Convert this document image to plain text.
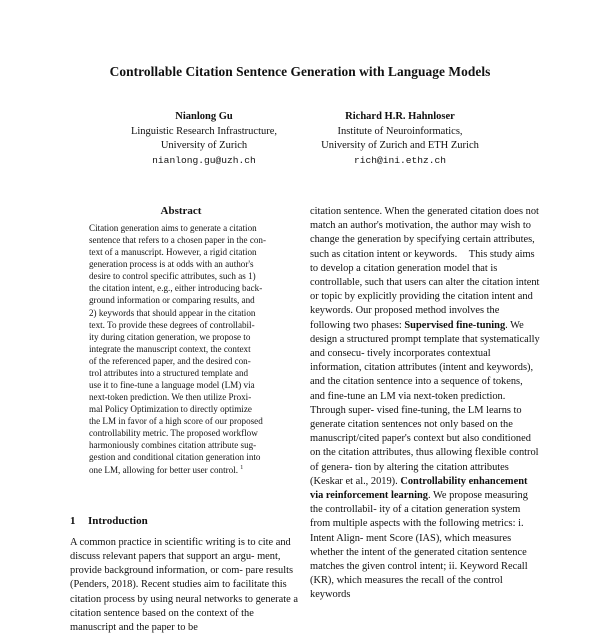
Controllable Citation Sentence Generation with Language Models
Nianlong Gu
Linguistic Research Infrastructure,
University of Zurich
nianlong.gu@uzh.ch
Richard H.R. Hahnloser
Institute of Neuroinformatics,
University of Zurich and ETH Zurich
rich@ini.ethz.ch
Abstract
Citation generation aims to generate a citation
sentence that refers to a chosen paper in the con-
text of a manuscript. However, a rigid citation
generation process is at odds with an author's
desire to control specific attributes, such as 1)
the citation intent, e.g., either introducing back-
ground information or comparing results, and
2) keywords that should appear in the citation
text. To provide these degrees of controllabil-
ity during citation generation, we propose to
integrate the manuscript context, the context
of the referenced paper, and the desired con-
trol attributes into a structured template and
use it to fine-tune a language model (LM) via
next-token prediction. We then utilize Proxi-
mal Policy Optimization to directly optimize
the LM in favor of a high score of our proposed
controllability metric. The proposed workflow
harmoniously combines citation attribute sug-
gestion and conditional citation generation into
one LM, allowing for better user control. $^1$
1 Introduction
A common practice in scientific writing is to cite and discuss relevant papers that support an argu- ment, provide background information, or com- pare results (Penders, 2018). Recent studies aim to facilitate this citation process by using neural networks to generate a citation sentence based on the context of the manuscript and the paper to be
citation sentence. When the generated citation does not match an author's motivation, the author may wish to change the generation by specifying certain attributes, such as citation intent or keywords. This study aims to develop a citation generation model that is controllable, such that users can alter the citation intent or topic by explicitly providing the citation intent and keywords. Our proposed method involves the following two phases: Supervised fine-tuning. We design a structured prompt template that systematically and consecu- tively incorporates contextual information, citation attributes (intent and keywords), and the citation sentence into a sequence of tokens, and fine-tune an LM via next-token prediction. Through super- vised fine-tuning, the LM learns to generate citation sentences not only based on the manuscript/cited paper's context but also conditioned on the citation attributes, thus allowing flexible control of genera- tion by altering the citation attributes (Keskar et al., 2019). Controllability enhancement via reinforcement learning. We propose measuring the controllabil- ity of a citation generation system from multiple aspects with the following metrics: i. Intent Align- ment Score (IAS), which measures whether the intent of the generated citation sentence matches the given control intent; ii. Keyword Recall (KR), which measures the recall of the control keywords
